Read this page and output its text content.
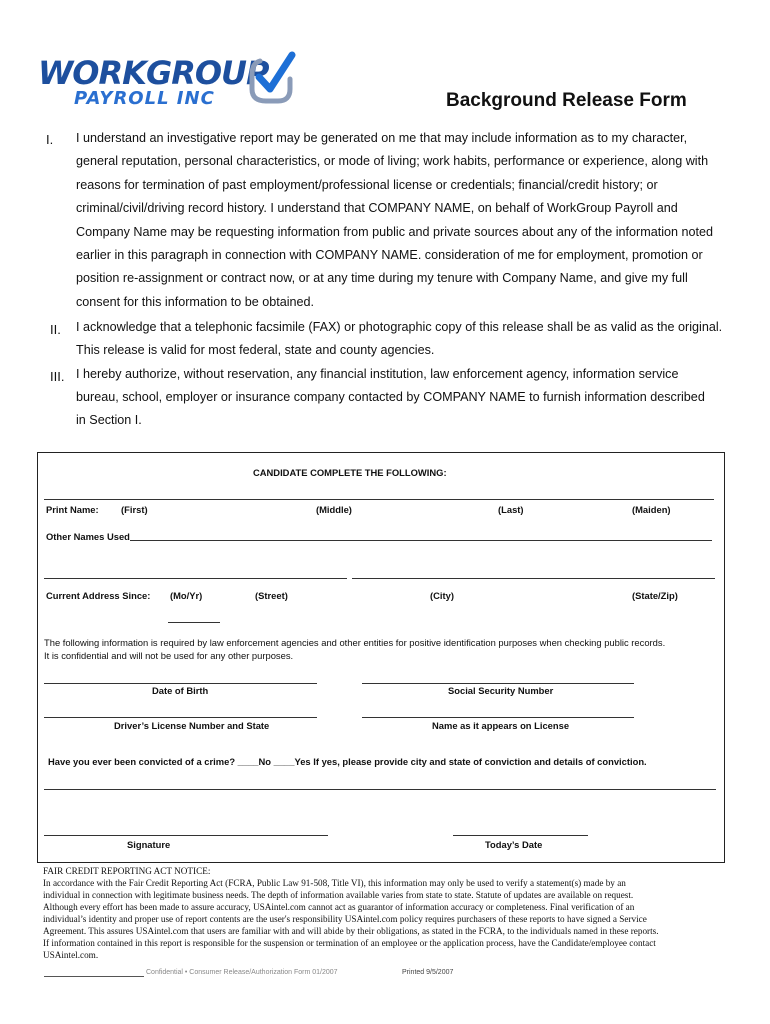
WORKGROUP
PAYROLL INC	Background Release Form
I. I understand an investigative report may be generated on me that may include information as to my character,
general reputation, personal characteristics, or mode of living; work habits, performance or experience, along with
reasons for termination of past employment/professional license or credentials; financial/credit history; or
criminal/civil/driving record history. I understand that COMPANY NAME, on behalf of WorkGroup Payroll and
Company Name may be requesting information from public and private sources about any of the information noted
earlier in this paragraph in connection with COMPANY NAME. consideration of me for employment, promotion or
position re-assignment or contract now, or at any time during my tenure with Company Name, and give my full
consent for this information to be obtained.
II. I acknowledge that a telephonic facsimile (FAX) or photographic copy of this release shall be as valid as the original.
This release is valid for most federal, state and county agencies.
III. I hereby authorize, without reservation, any financial institution, law enforcement agency, information service
bureau, school, employer or insurance company contacted by COMPANY NAME to furnish information described
in Section I.
CANDIDATE COMPLETE THE FOLLOWING:
Print Name: (First)	(Middle)	(Last)	(Maiden)
Other Names Used
Current Address Since: (Mo/Yr)	(Street)	(City)	(State/Zip)
The following information is required by law enforcement agencies and other entities for positive identification purposes when checking public records.
It is confidential and will not be used for any other purposes.
Date of Birth	Social Security Number
Driver’s License Number and State	Name as it appears on License
Have you ever been convicted of a crime? ____No ____Yes If yes, please provide city and state of conviction and details of conviction.
Signature	Today’s Date
FAIR CREDIT REPORTING ACT NOTICE:
In accordance with the Fair Credit Reporting Act (FCRA, Public Law 91-508, Title VI), this information may only be used to verify a statement(s) made by an
individual in connection with legitimate business needs. The depth of information available varies from state to state. Statute of updates are available on request.
Although every effort has been made to assure accuracy, USAintel.com cannot act as guarantor of information accuracy or completeness. Final verification of an
individual’s identity and proper use of report contents are the user's responsibility USAintel.com policy requires purchasers of these reports to have signed a Service
Agreement. This assures USAintel.com that users are familiar with and will abide by their obligations, as stated in the FCRA, to the individuals named in these reports.
If information contained in this report is responsible for the suspension or termination of an employee or the application process, have the Candidate/employee contact
USAintel.com.
Confidential • Consumer Release/Authorization Form 01/2007	Printed 9/5/2007
